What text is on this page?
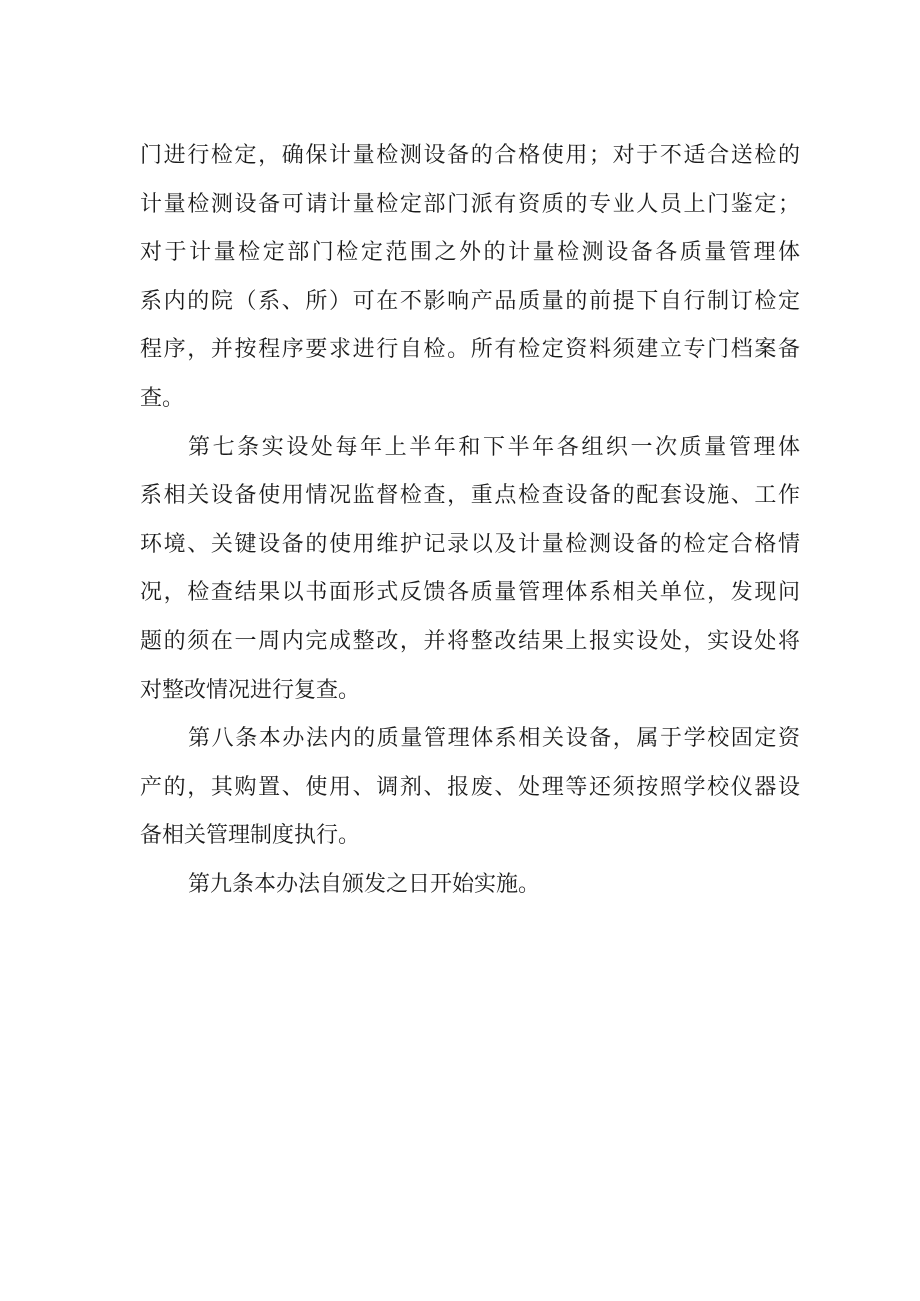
门进行检定，确保计量检测设备的合格使用；对于不适合送检的
计量检测设备可请计量检定部门派有资质的专业人员上门鉴定；
对于计量检定部门检定范围之外的计量检测设备各质量管理体
系内的院（系、所）可在不影响产品质量的前提下自行制订检定
程序，并按程序要求进行自检。所有检定资料须建立专门档案备
查。

第七条实设处每年上半年和下半年各组织一次质量管理体
系相关设备使用情况监督检查，重点检查设备的配套设施、工作
环境、关键设备的使用维护记录以及计量检测设备的检定合格情
况，检查结果以书面形式反馈各质量管理体系相关单位，发现问
题的须在一周内完成整改，并将整改结果上报实设处，实设处将
对整改情况进行复查。

第八条本办法内的质量管理体系相关设备，属于学校固定资
产的，其购置、使用、调剂、报废、处理等还须按照学校仪器设
备相关管理制度执行。

第九条本办法自颁发之日开始实施。
